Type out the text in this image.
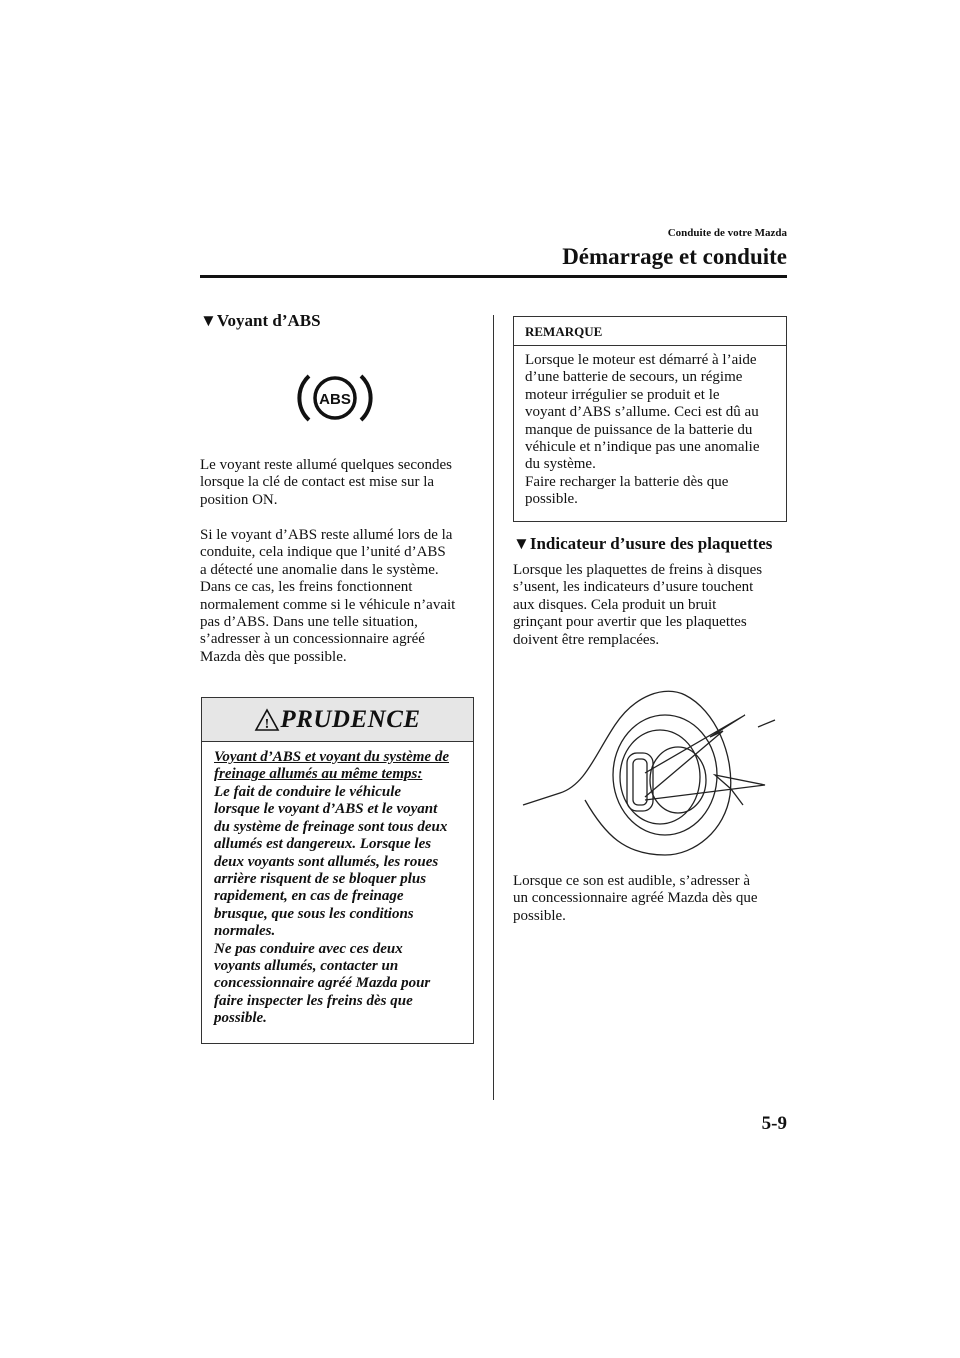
Conduite de votre Mazda
Démarrage et conduite
▼Voyant d’ABS
ABS
Le voyant reste allumé quelques secondes
lorsque la clé de contact est mise sur la
position ON.
Si le voyant d’ABS reste allumé lors de la
conduite, cela indique que l’unité d’ABS
a détecté une anomalie dans le système.
Dans ce cas, les freins fonctionnent
normalement comme si le véhicule n’avait
pas d’ABS. Dans une telle situation,
s’adresser à un concessionnaire agréé
Mazda dès que possible.
! PRUDENCE
Voyant d’ABS et voyant du système de
freinage allumés au même temps:
Le fait de conduire le véhicule
lorsque le voyant d’ABS et le voyant
du système de freinage sont tous deux
allumés est dangereux. Lorsque les
deux voyants sont allumés, les roues
arrière risquent de se bloquer plus
rapidement, en cas de freinage
brusque, que sous les conditions
normales.
Ne pas conduire avec ces deux
voyants allumés, contacter un
concessionnaire agréé Mazda pour
faire inspecter les freins dès que
possible.
REMARQUE
Lorsque le moteur est démarré à l’aide
d’une batterie de secours, un régime
moteur irrégulier se produit et le
voyant d’ABS s’allume. Ceci est dû au
manque de puissance de la batterie du
véhicule et n’indique pas une anomalie
du système.
Faire recharger la batterie dès que
possible.
▼Indicateur d’usure des plaquettes
Lorsque les plaquettes de freins à disques
s’usent, les indicateurs d’usure touchent
aux disques. Cela produit un bruit
grinçant pour avertir que les plaquettes
doivent être remplacées.
Lorsque ce son est audible, s’adresser à
un concessionnaire agréé Mazda dès que
possible.
5-9
